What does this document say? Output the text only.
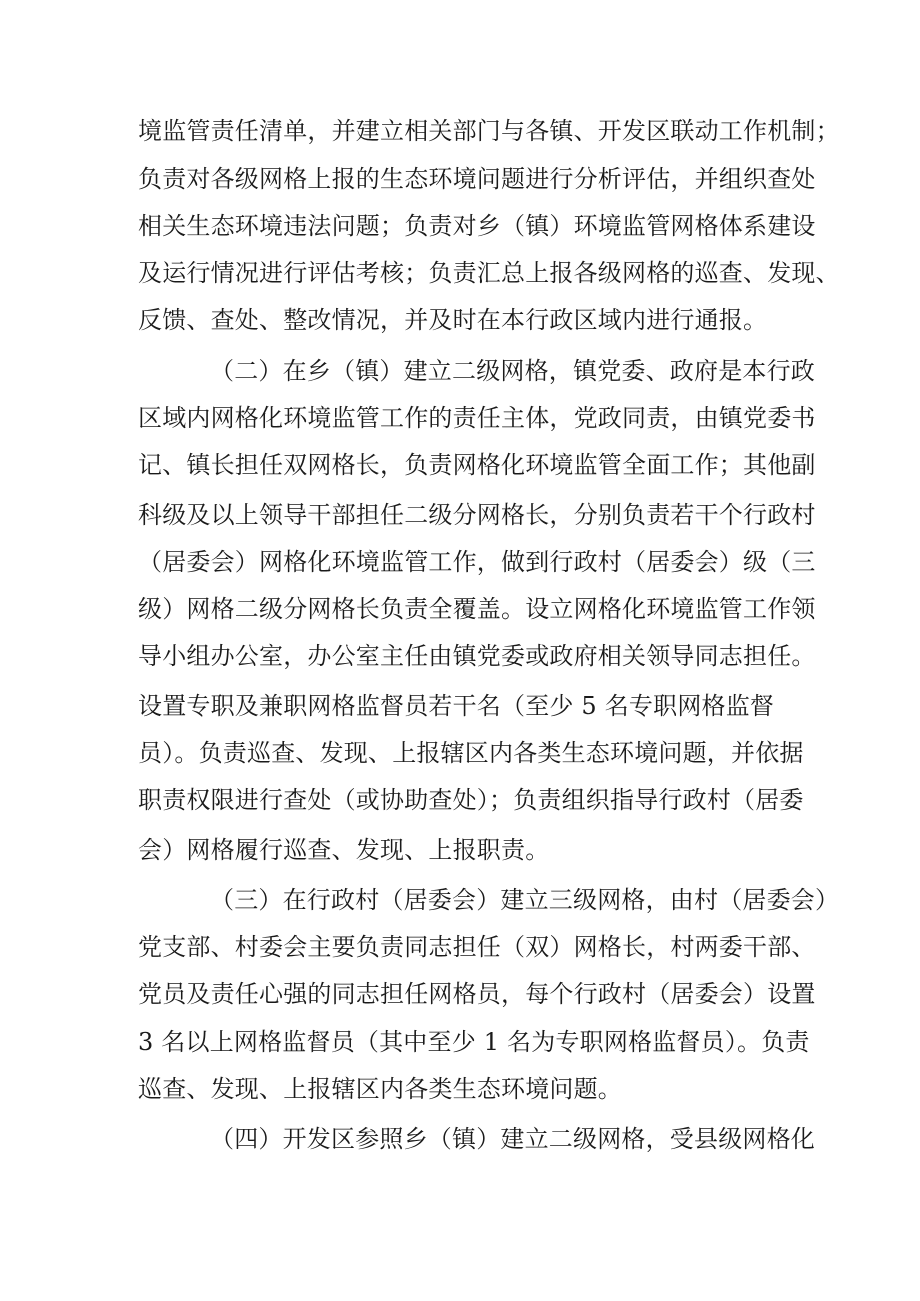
境监管责任清单，并建立相关部门与各镇、开发区联动工作机制；
负责对各级网格上报的生态环境问题进行分析评估，并组织查处
相关生态环境违法问题；负责对乡（镇）环境监管网格体系建设
及运行情况进行评估考核；负责汇总上报各级网格的巡查、发现、
反馈、查处、整改情况，并及时在本行政区域内进行通报。
（二）在乡（镇）建立二级网格，镇党委、政府是本行政
区域内网格化环境监管工作的责任主体，党政同责，由镇党委书
记、镇长担任双网格长，负责网格化环境监管全面工作；其他副
科级及以上领导干部担任二级分网格长，分别负责若干个行政村
（居委会）网格化环境监管工作，做到行政村（居委会）级（三
级）网格二级分网格长负责全覆盖。设立网格化环境监管工作领
导小组办公室，办公室主任由镇党委或政府相关领导同志担任。
设置专职及兼职网格监督员若干名（至少 5 名专职网格监督
员）。负责巡查、发现、上报辖区内各类生态环境问题，并依据
职责权限进行查处（或协助查处）；负责组织指导行政村（居委
会）网格履行巡查、发现、上报职责。
（三）在行政村（居委会）建立三级网格，由村（居委会）
党支部、村委会主要负责同志担任（双）网格长，村两委干部、
党员及责任心强的同志担任网格员，每个行政村（居委会）设置
3 名以上网格监督员（其中至少 1 名为专职网格监督员）。负责
巡查、发现、上报辖区内各类生态环境问题。
（四）开发区参照乡（镇）建立二级网格，受县级网格化
